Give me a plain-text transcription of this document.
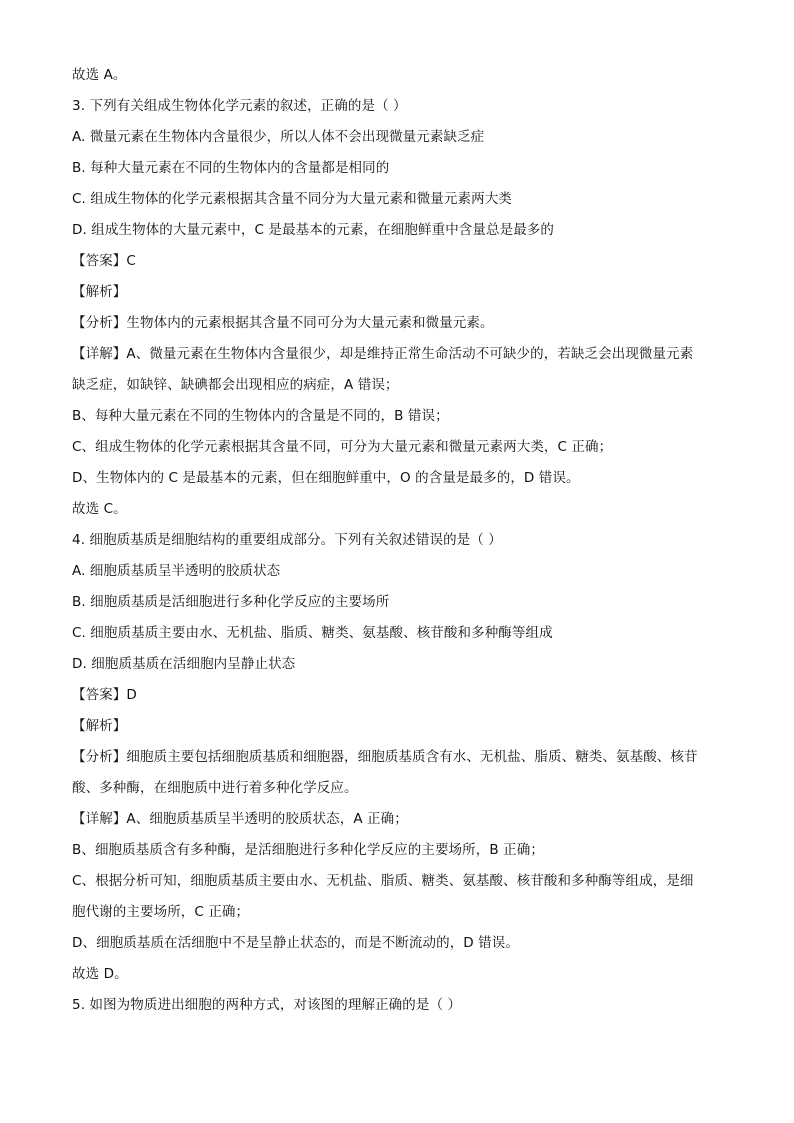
故选 A。
3. 下列有关组成生物体化学元素的叙述，正确的是（ ）
A. 微量元素在生物体内含量很少，所以人体不会出现微量元素缺乏症
B. 每种大量元素在不同的生物体内的含量都是相同的
C. 组成生物体的化学元素根据其含量不同分为大量元素和微量元素两大类
D. 组成生物体的大量元素中，C 是最基本的元素，在细胞鲜重中含量总是最多的
【答案】C
【解析】
【分析】生物体内的元素根据其含量不同可分为大量元素和微量元素。
【详解】A、微量元素在生物体内含量很少，却是维持正常生命活动不可缺少的，若缺乏会出现微量元素
缺乏症，如缺锌、缺碘都会出现相应的病症，A 错误；
B、每种大量元素在不同的生物体内的含量是不同的，B 错误；
C、组成生物体的化学元素根据其含量不同，可分为大量元素和微量元素两大类，C 正确；
D、生物体内的 C 是最基本的元素，但在细胞鲜重中，O 的含量是最多的，D 错误。
故选 C。
4. 细胞质基质是细胞结构的重要组成部分。下列有关叙述错误的是（ ）
A. 细胞质基质呈半透明的胶质状态
B. 细胞质基质是活细胞进行多种化学反应的主要场所
C. 细胞质基质主要由水、无机盐、脂质、糖类、氨基酸、核苷酸和多种酶等组成
D. 细胞质基质在活细胞内呈静止状态
【答案】D
【解析】
【分析】细胞质主要包括细胞质基质和细胞器，细胞质基质含有水、无机盐、脂质、糖类、氨基酸、核苷
酸、多种酶，在细胞质中进行着多种化学反应。
【详解】A、细胞质基质呈半透明的胶质状态，A 正确；
B、细胞质基质含有多种酶，是活细胞进行多种化学反应的主要场所，B 正确；
C、根据分析可知，细胞质基质主要由水、无机盐、脂质、糖类、氨基酸、核苷酸和多种酶等组成，是细
胞代谢的主要场所，C 正确；
D、细胞质基质在活细胞中不是呈静止状态的，而是不断流动的，D 错误。
故选 D。
5. 如图为物质进出细胞的两种方式，对该图的理解正确的是（ ）
